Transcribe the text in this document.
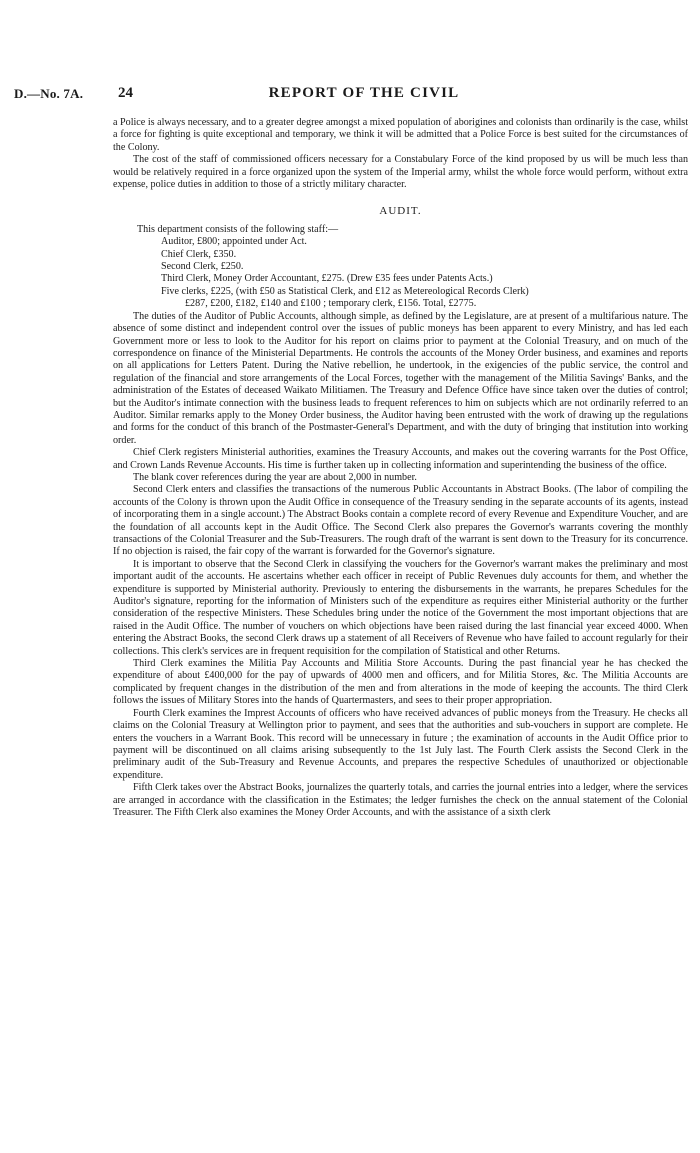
D.—No. 7A. 24	REPORT OF THE CIVIL

a Police is always necessary, and to a greater degree amongst a mixed population of aborigines and colonists than ordinarily is the case, whilst a force for fighting is quite exceptional and temporary, we think it will be admitted that a Police Force is best suited for the circumstances of the Colony.

The cost of the staff of commissioned officers necessary for a Constabulary Force of the kind proposed by us will be much less than would be relatively required in a force organized upon the system of the Imperial army, whilst the whole force would perform, without extra expense, police duties in addition to those of a strictly military character.

AUDIT.

This department consists of the following staff:—

Auditor, £800; appointed under Act.

Chief Clerk, £350.

Second Clerk, £250.

Third Clerk, Money Order Accountant, £275. (Drew £35 fees under Patents Acts.)

Five clerks, £225, (with £50 as Statistical Clerk, and £12 as Metereological Records Clerk)

£287, £200, £182, £140 and £100 ; temporary clerk, £156. Total, £2775.

The duties of the Auditor of Public Accounts, although simple, as defined by the Legislature, are at present of a multifarious nature. The absence of some distinct and independent control over the issues of public moneys has been apparent to every Ministry, and has led each Government more or less to look to the Auditor for his report on claims prior to payment at the Colonial Treasury, and on much of the correspondence on finance of the Ministerial Departments. He controls the accounts of the Money Order business, and examines and reports on all applications for Letters Patent. During the Native rebellion, he undertook, in the exigencies of the public service, the control and regulation of the financial and store arrangements of the Local Forces, together with the management of the Militia Savings' Banks, and the administration of the Estates of deceased Waikato Militiamen. The Treasury and Defence Office have since taken over the duties of control; but the Auditor's intimate connection with the business leads to frequent references to him on subjects which are not ordinarily referred to an Auditor. Similar remarks apply to the Money Order business, the Auditor having been entrusted with the work of drawing up the regulations and forms for the conduct of this branch of the Postmaster-General's Department, and with the duty of bringing that institution into working order.

Chief Clerk registers Ministerial authorities, examines the Treasury Accounts, and makes out the covering warrants for the Post Office, and Crown Lands Revenue Accounts. His time is further taken up in collecting information and superintending the business of the office.

The blank cover references during the year are about 2,000 in number.

Second Clerk enters and classifies the transactions of the numerous Public Accountants in Abstract Books. (The labor of compiling the accounts of the Colony is thrown upon the Audit Office in consequence of the Treasury sending in the separate accounts of its agents, instead of incorporating them in a single account.) The Abstract Books contain a complete record of every Revenue and Expenditure Voucher, and are the foundation of all accounts kept in the Audit Office. The Second Clerk also prepares the Governor's warrants covering the monthly transactions of the Colonial Treasurer and the Sub-Treasurers. The rough draft of the warrant is sent down to the Treasury for its concurrence. If no objection is raised, the fair copy of the warrant is forwarded for the Governor's signature.

It is important to observe that the Second Clerk in classifying the vouchers for the Governor's warrant makes the preliminary and most important audit of the accounts. He ascertains whether each officer in receipt of Public Revenues duly accounts for them, and whether the expenditure is supported by Ministerial authority. Previously to entering the disbursements in the warrants, he prepares Schedules for the Auditor's signature, reporting for the information of Ministers such of the expenditure as requires either Ministerial authority or the further consideration of the respective Ministers. These Schedules bring under the notice of the Government the most important objections that are raised in the Audit Office. The number of vouchers on which objections have been raised during the last financial year exceed 4000. When entering the Abstract Books, the second Clerk draws up a statement of all Receivers of Revenue who have failed to account regularly for their collections. This clerk's services are in frequent requisition for the compilation of Statistical and other Returns.

Third Clerk examines the Militia Pay Accounts and Militia Store Accounts. During the past financial year he has checked the expenditure of about £400,000 for the pay of upwards of 4000 men and officers, and for Militia Stores, &c. The Militia Accounts are complicated by frequent changes in the distribution of the men and from alterations in the mode of keeping the accounts. The third Clerk follows the issues of Military Stores into the hands of Quartermasters, and sees to their proper appropriation.

Fourth Clerk examines the Imprest Accounts of officers who have received advances of public moneys from the Treasury. He checks all claims on the Colonial Treasury at Wellington prior to payment, and sees that the authorities and sub-vouchers in support are complete. He enters the vouchers in a Warrant Book. This record will be unnecessary in future ; the examination of accounts in the Audit Office prior to payment will be discontinued on all claims arising subsequently to the 1st July last. The Fourth Clerk assists the Second Clerk in the preliminary audit of the Sub-Treasury and Revenue Accounts, and prepares the respective Schedules of unauthorized or objectionable expenditure.

Fifth Clerk takes over the Abstract Books, journalizes the quarterly totals, and carries the journal entries into a ledger, where the services are arranged in accordance with the classification in the Estimates; the ledger furnishes the check on the annual statement of the Colonial Treasurer. The Fifth Clerk also examines the Money Order Accounts, and with the assistance of a sixth clerk
